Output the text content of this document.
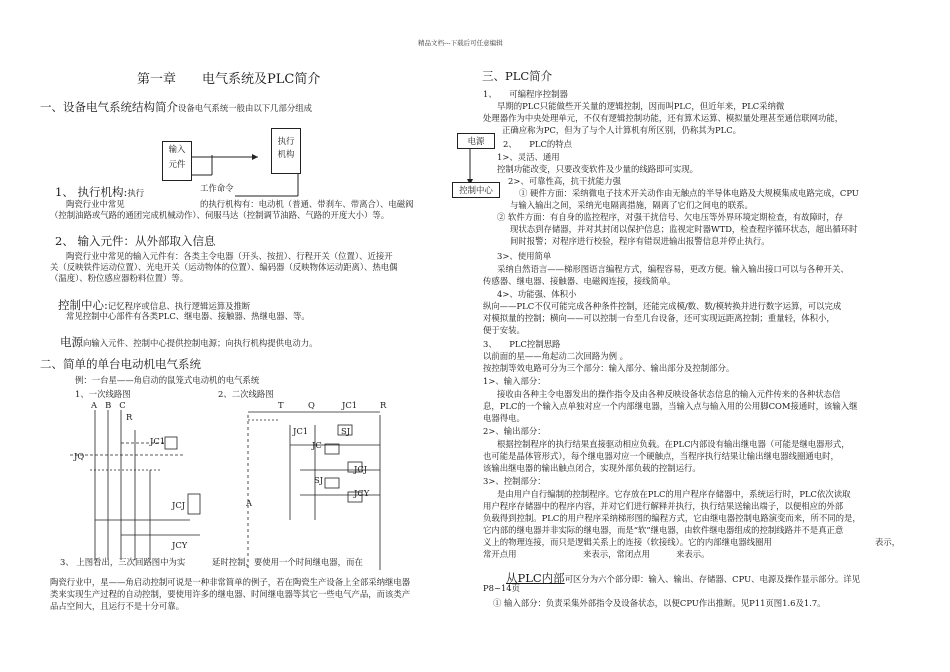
精品文档---下载后可任意编辑
第一章　　电气系统及PLC简介
一、设备电气系统结构简介设备电气系统一般由以下几部分组成
输入
元件
执行
机构
工作命令
1、 执行机构:执行
陶瓷行业中常见	的执行机构有：电动机（普通、带刹车、带离合）、电磁阀
（控制油路或气路的通团完成机械动作）、伺服马达（控制调节油路、气路的开度大小）等。
2、 输入元件：从外部取入信息
陶瓷行业中常见的输入元件有：各类主令电器（开头、按扭）、行程开关（位置）、近接开
关（反映铁件运动位置）、光电开关（运动物体的位置）、编码器（反映物体运动距离）、热电偶
（温度）、粉位感应器粉料位置）等。
控制中心:记忆程序或信息、执行逻辑运算及推断
常见控制中心部件有各类PLC、继电器、接触器、热继电器、等。
电源向输入元件、控制中心提供控制电源；向执行机构提供电动力。
二、简单的单台电动机电气系统
例：一台星——角启动的鼠笼式电动机的电气系统
1、一次线路图	2、二次线路图
A B C
R
JC1
JQ
JCJ
JCY
A
T	Q	JC1	R
JC1	SJ
JC
JCJ
SJ
JCY
3、 上图看出，三次回路图中为实	延时控制，要使用一个时间继电器，而在
陶瓷行业中，星——角启动控制可说是一种非常简单的例子，若在陶瓷生产设备上全部采纳继电器
类来实现生产过程的自动控制，要使用许多的继电器、时间继电器等其它一些电气产品，而该类产
品占空间大，且运行不是十分可靠。
三、PLC简介
1、　　可编程序控制器
早期的PLC只能做些开关量的逻辑控制，因而叫PLC，但近年来，PLC采纳微
处理器作为中央处理单元，不仅有逻辑控制功能，还有算术运算、模拟量处理甚至通信联网功能，
正确应称为PC，但为了与个人计算机有所区别，仍称其为PLC。
电源
控制中心
2、　　PLC的特点
1>、灵活、通用
控制功能改变，只要改变软件及少量的线路即可实现。
2>、可靠性高，抗干扰能力强
① 硬件方面：采纳微电子技术开关动作由无触点的半导体电路及大规模集成电路完成，CPU
与输入输出之间，采纳光电隔离措施，隔离了它们之间电的联系。
② 软件方面：有自身的监控程序，对强干扰信号、欠电压等外界环境定期检查，有故障时，存
现状态到存储器，并对其封闭以保护信息；监视定时器WTD，检查程序循环状态，超出循环时
间时报警；对程序进行校验，程序有错误进输出报警信息并停止执行。
3>、使用简单
采纳自然语言——梯形图语言编程方式，编程容易，更改方便。输入输出接口可以与各种开关、
传感器、继电器、接触器、电磁阀连接，接线简单。
4>、功能强、体积小
纵向——PLC不仅可能完成各种条件控制，还能完成模/数、数/模转换并进行数字运算，可以完成
对模拟量的控制；横向——可以控制一台至几台设备，还可实现远距离控制；重量轻，体积小，
便于安装。
3、　　PLC控制思路
以前面的星——角起动二次回路为例 。
按控制等效电路可分为三个部分：输入部分、输出部分及控制部分。
1>、输入部分：
接收由各种主令电器发出的操作指令及由各种反映设备状态信息的输入元件传来的各种状态信
息，PLC的一个输入点单独对应一个内部继电器，当输入点与输入用的公用脚COM接通时，该输入继
电器得电。
2>、输出部分：
根据控制程序的执行结果直接驱动相应负载。在PLC内部设有输出继电器（可能是继电器形式，
也可能是晶体管形式），每个继电器对应一个硬触点，当程序执行结果让输出继电器线圈通电时，
该输出继电器的输出触点闭合，实现外部负载的控制运行。
3>、控制部分：
是由用户自行编制的控制程序。它存放在PLC的用户程序存储器中，系统运行时，PLC依次读取
用户程序存储器中的程序内容，并对它们进行解释并执行，执行结果送输出端子，以便相应的外部
负载得到控制。PLC的用户程序采纳梯形图的编程方式，它由继电器控制电路演变而来，所不同的是，
它内部的继电器并非实际的继电器，而是“软”继电器，由软件继电器组成的控制线路并不是真正意
义上的物理连接，而只是逻辑关系上的连接（软接线）。它的内部继电器线圈用	表示，
常开点用	来表示，常闭点用	来表示。
从PLC内部可区分为六个部分即：输入、输出、存储器、CPU、电源及操作显示部分。详见
P8~14页
① 输入部分：负责采集外部指令及设备状态，以便CPU作出推断。见P11页图1.6及1.7。
